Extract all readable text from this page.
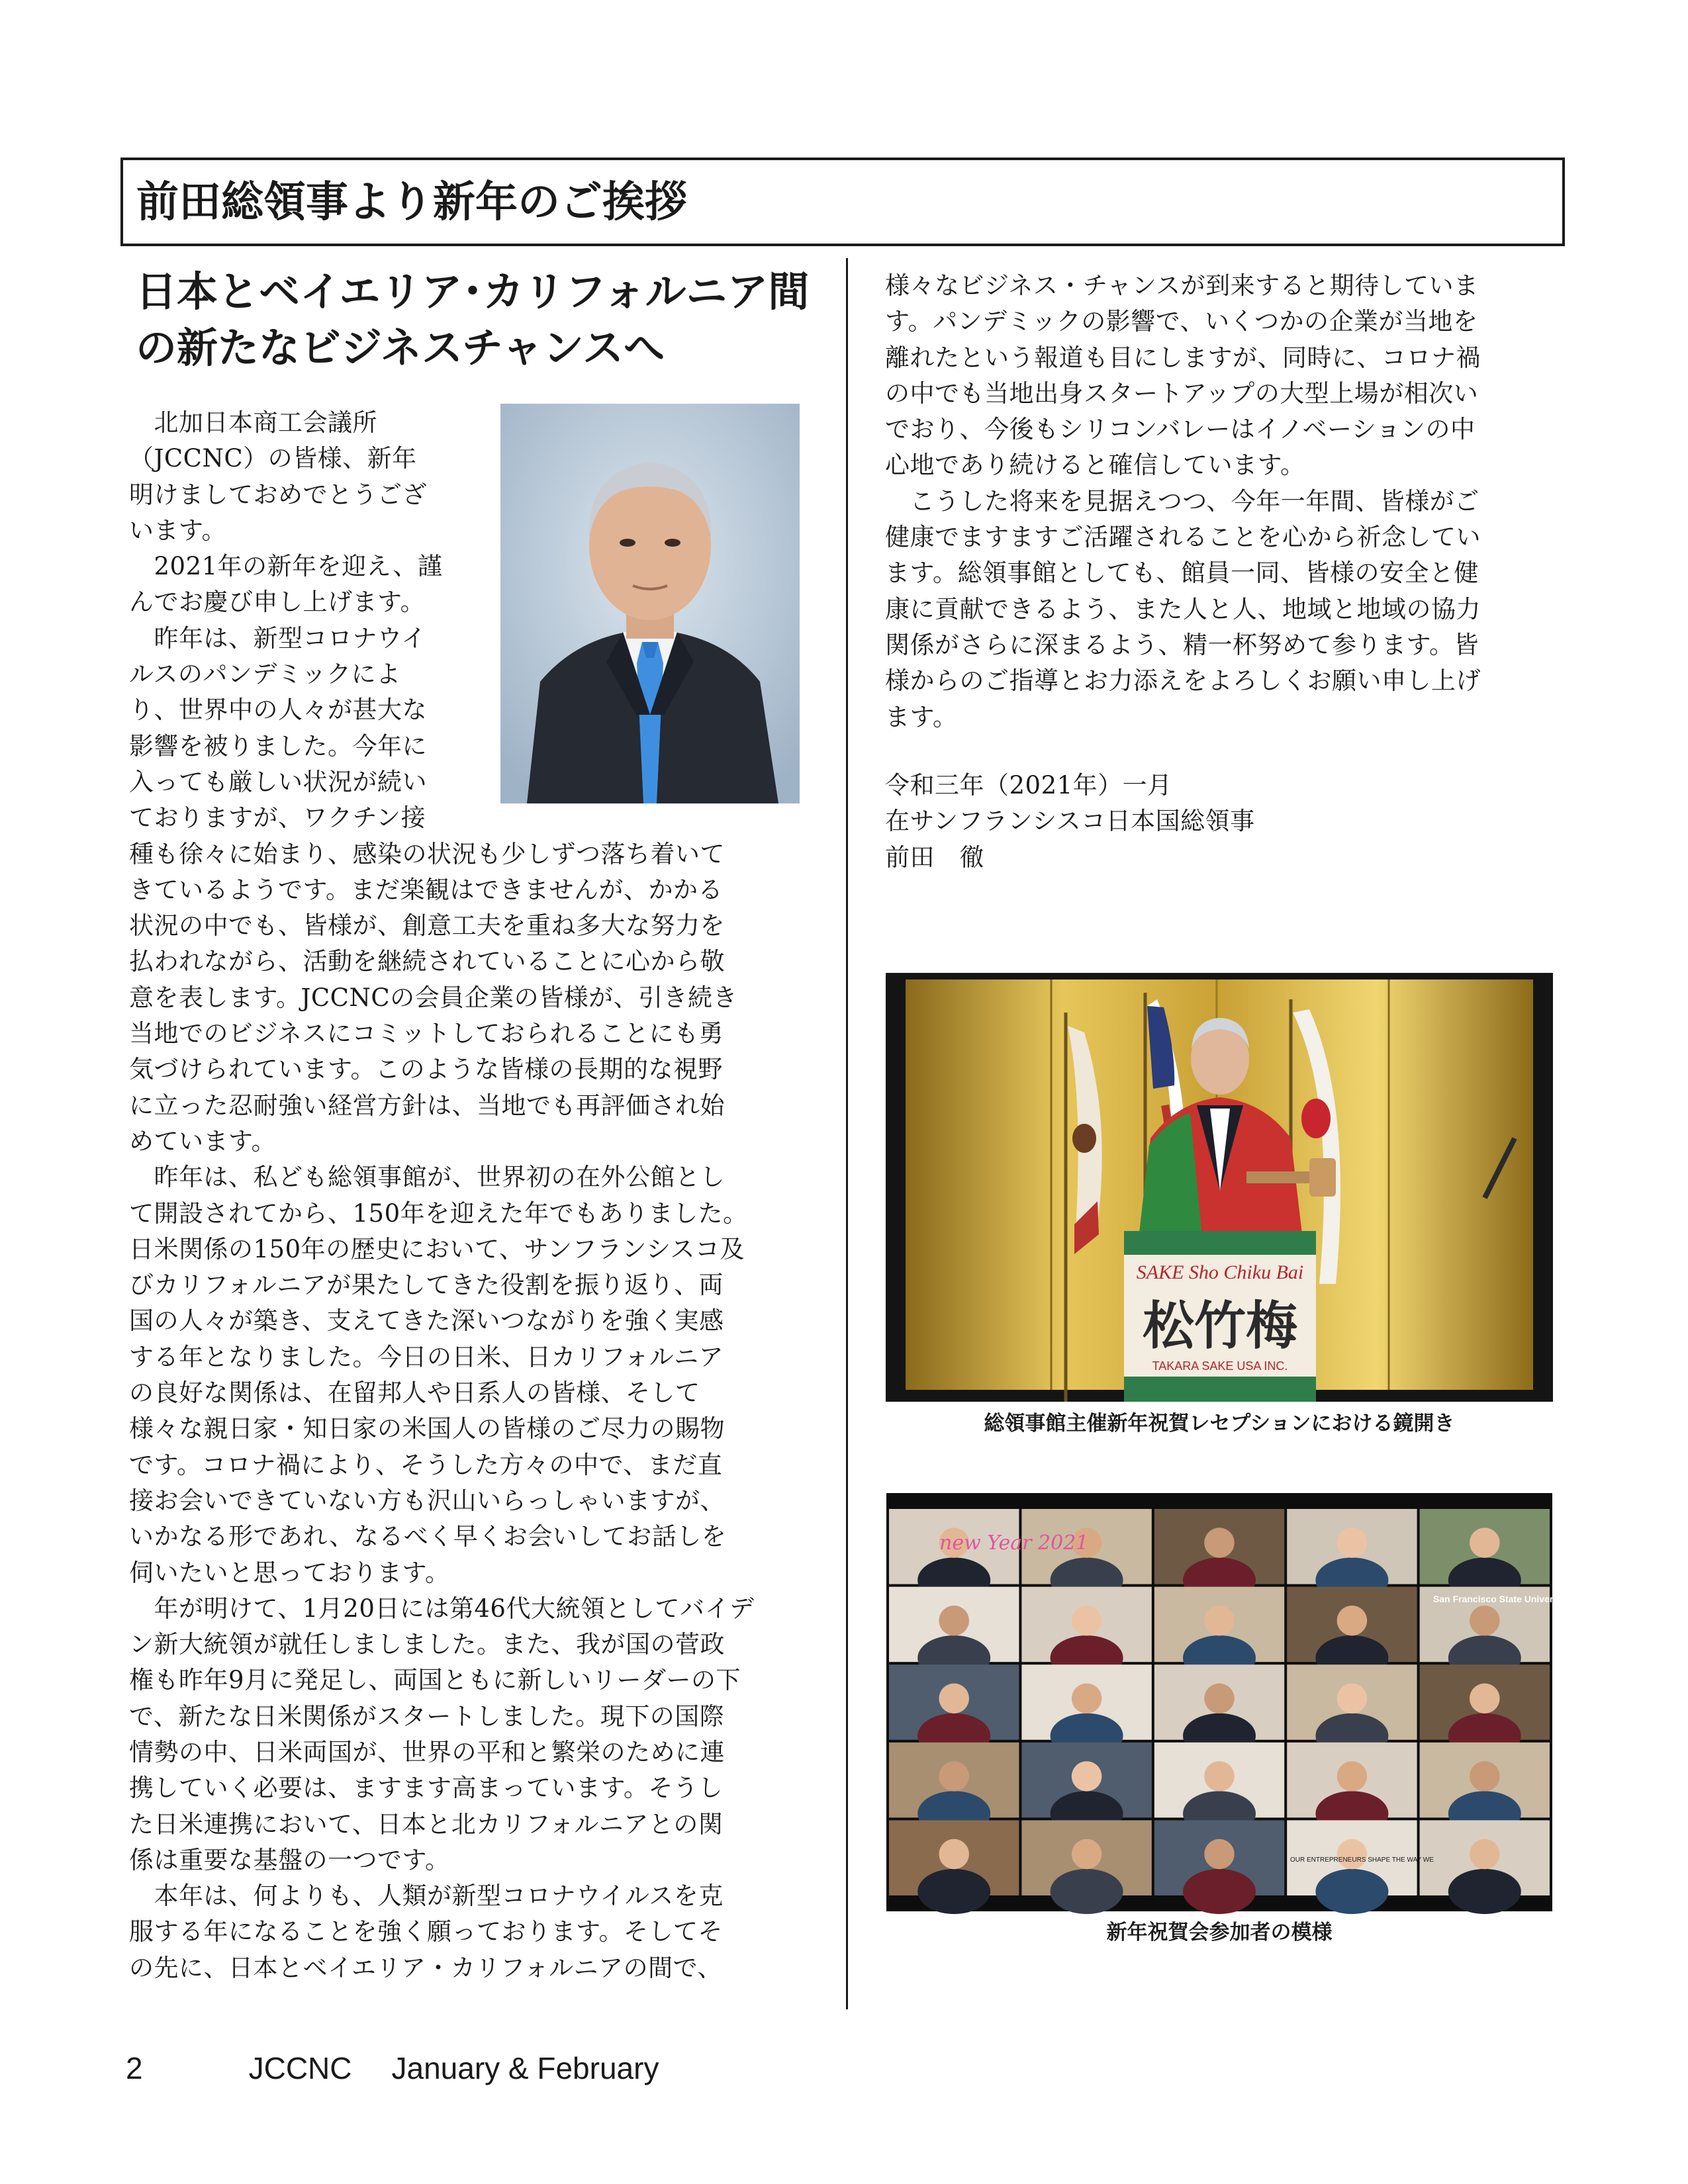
前田総領事より新年のご挨拶
日本とベイエリア･カリフォルニア間
の新たなビジネスチャンスへ
　北加日本商工会議所
（JCCNC）の皆様、新年
明けましておめでとうござ
います。
　2021年の新年を迎え、謹
んでお慶び申し上げます。
　昨年は、新型コロナウイ
ルスのパンデミックによ
り、世界中の人々が甚大な
影響を被りました。今年に
入っても厳しい状況が続い
ておりますが、ワクチン接
種も徐々に始まり、感染の状況も少しずつ落ち着いて
きているようです。まだ楽観はできませんが、かかる
状況の中でも、皆様が、創意工夫を重ね多大な努力を
払われながら、活動を継続されていることに心から敬
意を表します。JCCNCの会員企業の皆様が、引き続き
当地でのビジネスにコミットしておられることにも勇
気づけられています。このような皆様の長期的な視野
に立った忍耐強い経営方針は、当地でも再評価され始
めています。
　昨年は、私ども総領事館が、世界初の在外公館とし
て開設されてから、150年を迎えた年でもありました。
日米関係の150年の歴史において、サンフランシスコ及
びカリフォルニアが果たしてきた役割を振り返り、両
国の人々が築き、支えてきた深いつながりを強く実感
する年となりました。今日の日米、日カリフォルニア
の良好な関係は、在留邦人や日系人の皆様、そして
様々な親日家・知日家の米国人の皆様のご尽力の賜物
です。コロナ禍により、そうした方々の中で、まだ直
接お会いできていない方も沢山いらっしゃいますが、
いかなる形であれ、なるべく早くお会いしてお話しを
伺いたいと思っております。
　年が明けて、1月20日には第46代大統領としてバイデ
ン新大統領が就任しましました。また、我が国の菅政
権も昨年9月に発足し、両国ともに新しいリーダーの下
で、新たな日米関係がスタートしました。現下の国際
情勢の中、日米両国が、世界の平和と繁栄のために連
携していく必要は、ますます高まっています。そうし
た日米連携において、日本と北カリフォルニアとの関
係は重要な基盤の一つです。
　本年は、何よりも、人類が新型コロナウイルスを克
服する年になることを強く願っております。そしてそ
の先に、日本とベイエリア・カリフォルニアの間で、
様々なビジネス・チャンスが到来すると期待していま
す。パンデミックの影響で、いくつかの企業が当地を
離れたという報道も目にしますが、同時に、コロナ禍
の中でも当地出身スタートアップの大型上場が相次い
でおり、今後もシリコンバレーはイノベーションの中
心地であり続けると確信しています。
　こうした将来を見据えつつ、今年一年間、皆様がご
健康でますますご活躍されることを心から祈念してい
ます。総領事館としても、館員一同、皆様の安全と健
康に貢献できるよう、また人と人、地域と地域の協力
関係がさらに深まるよう、精一杯努めて参ります。皆
様からのご指導とお力添えをよろしくお願い申し上げ
ます。
令和三年（2021年）一月
在サンフランシスコ日本国総領事
前田　徹
SAKE Sho Chiku Bai
松竹梅
TAKARA SAKE USA INC.

総領事館主催新年祝賀レセプションにおける鏡開き

new Year 2021
OUR ENTREPRENEURS SHAPE THE WAY WE
San Francisco State University

新年祝賀会参加者の模様

2	JCCNC January & February
